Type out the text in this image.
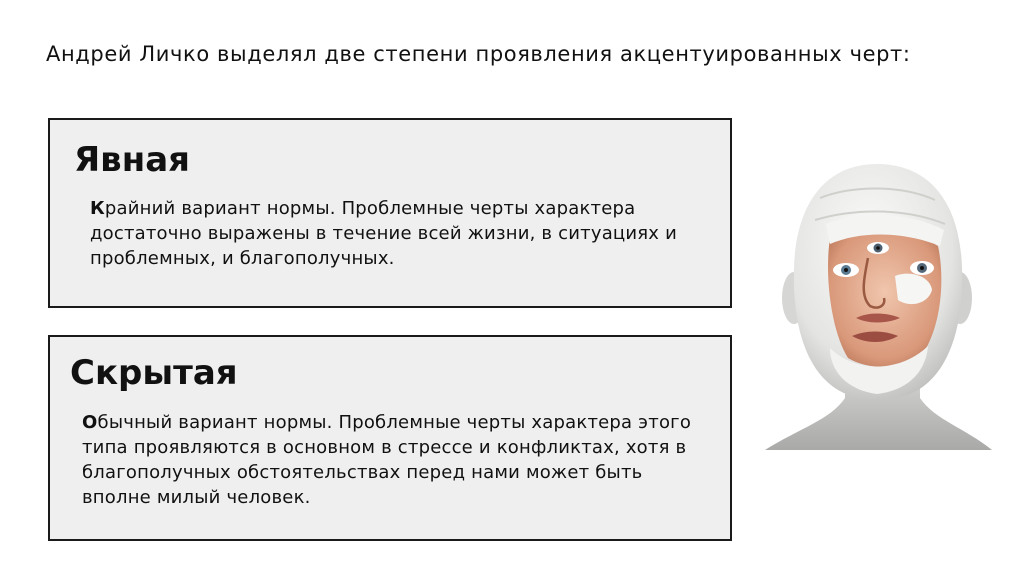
Андрей Личко выделял две степени проявления акцентуированных черт:
Явная
Крайний вариант нормы. Проблемные черты характера достаточно выражены в течение всей жизни, в ситуациях и проблемных, и благополучных.
Скрытая
Обычный вариант нормы. Проблемные черты характера этого типа проявляются в основном в стрессе и конфликтах, хотя в благополучных обстоятельствах перед нами может быть вполне милый человек.
